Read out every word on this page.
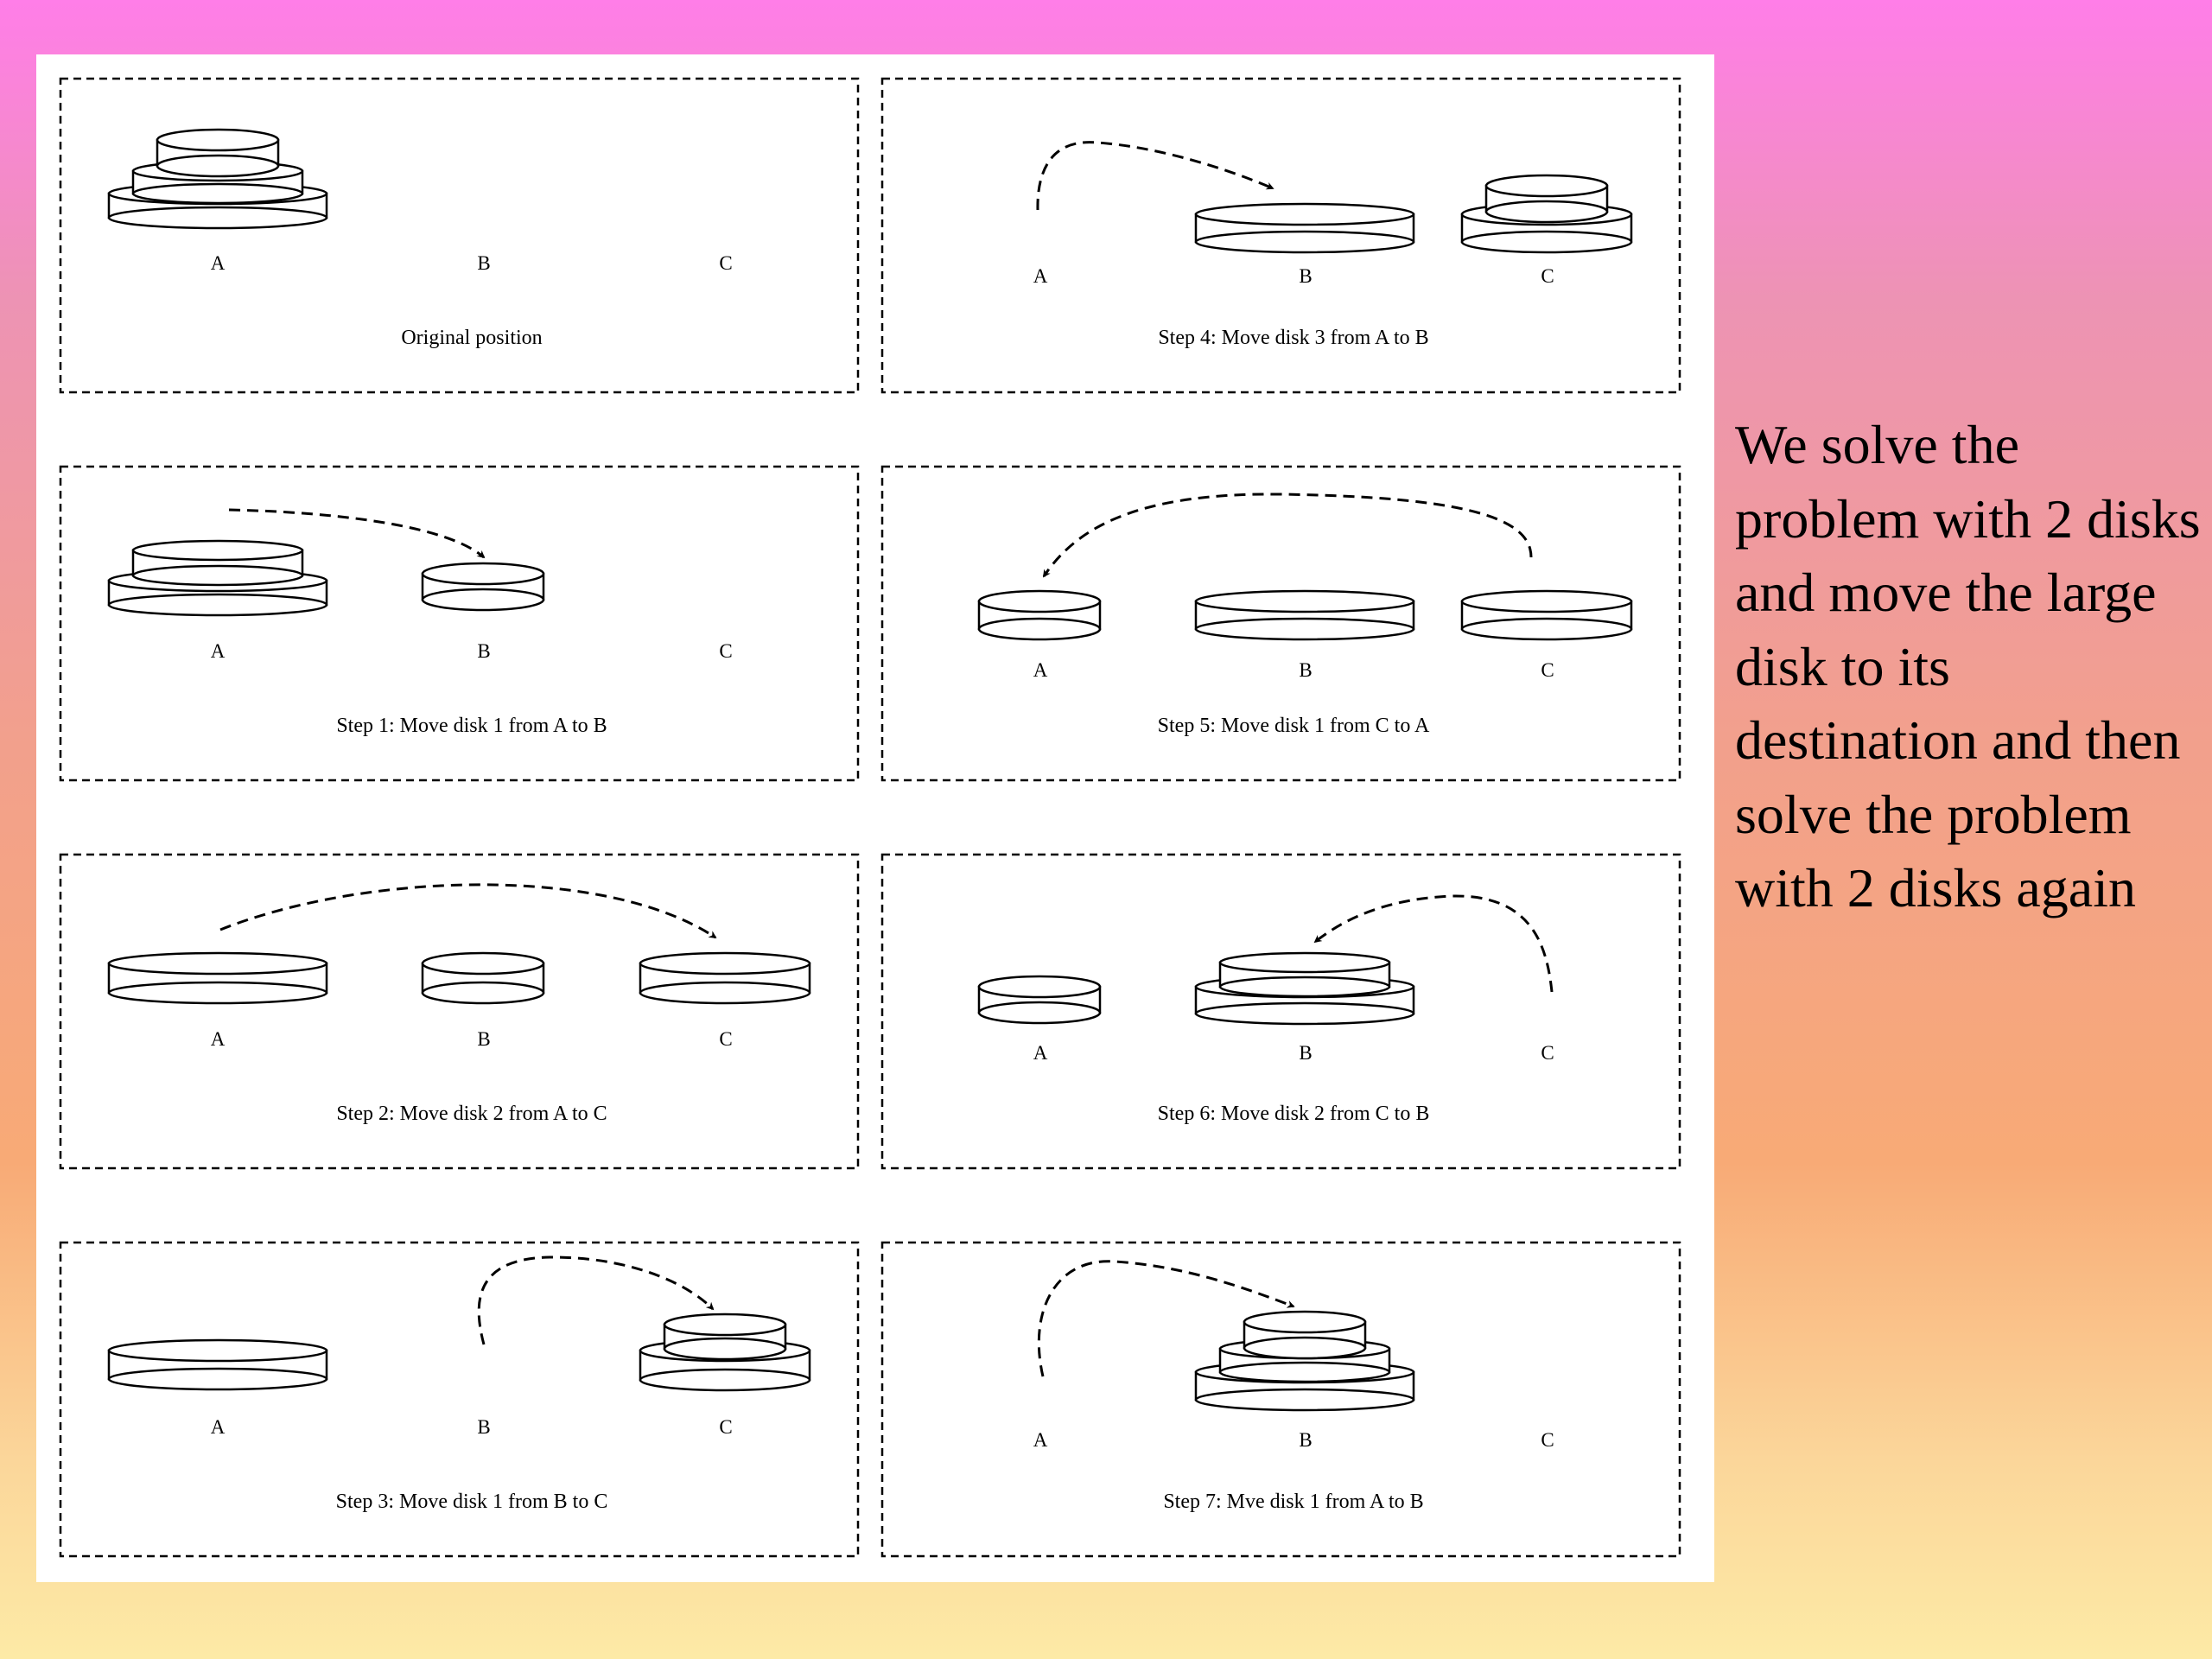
A	B	C
Original position
A	B	C
Step 1: Move disk 1 from A to B
A	B	C
Step 2: Move disk 2 from A to C
A	B	C
Step 3: Move disk 1 from B to C
A	B	C
Step 4: Move disk 3 from A to B
A	B	C
Step 5: Move disk 1 from C to A
A	B	C
Step 6: Move disk 2 from C to B
A	B	C
Step 7: Mve disk 1 from A to B

We solve the problem with 2 disks and move the large disk to its destination and then solve the problem with 2 disks again
